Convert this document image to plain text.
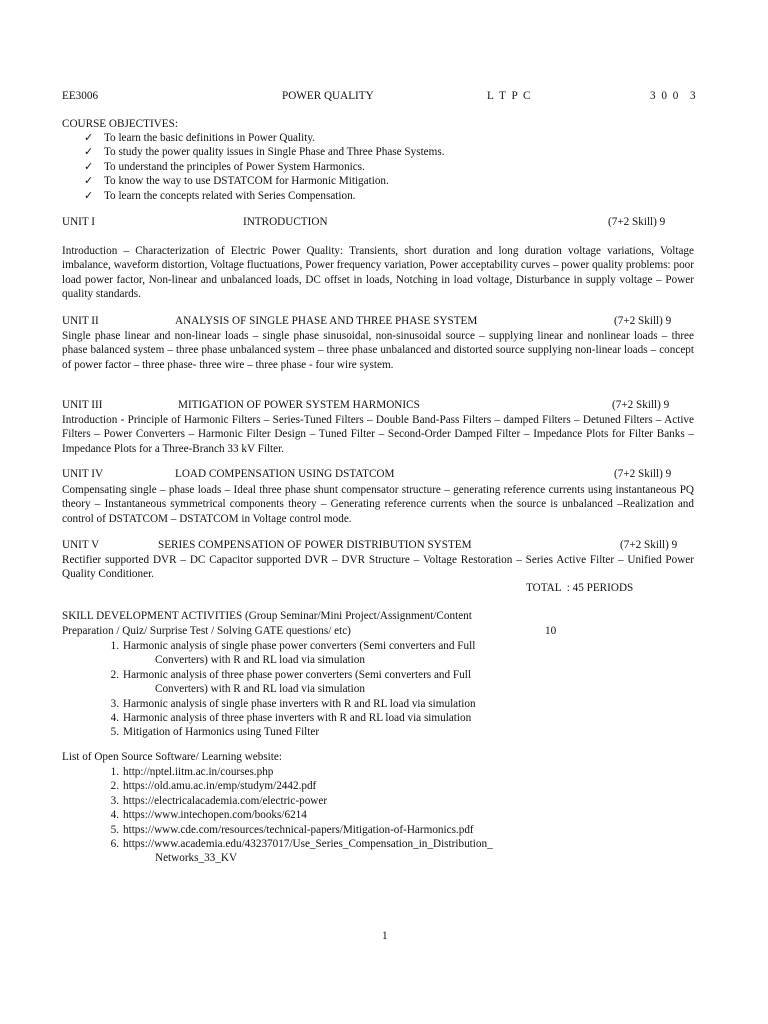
EE3006	POWER QUALITY	L T P C	3 0 0  3
COURSE OBJECTIVES:
✓ To learn the basic definitions in Power Quality.
✓ To study the power quality issues in Single Phase and Three Phase Systems.
✓ To understand the principles of Power System Harmonics.
✓ To know the way to use DSTATCOM for Harmonic Mitigation.
✓ To learn the concepts related with Series Compensation.
UNIT I	INTRODUCTION	(7+2 Skill) 9
Introduction – Characterization of Electric Power Quality: Transients, short duration and long duration voltage variations, Voltage imbalance, waveform distortion, Voltage fluctuations, Power frequency variation, Power acceptability curves – power quality problems: poor load power factor, Non-linear and unbalanced loads, DC offset in loads, Notching in load voltage, Disturbance in supply voltage – Power quality standards.
UNIT II	ANALYSIS OF SINGLE PHASE AND THREE PHASE SYSTEM	(7+2 Skill) 9
Single phase linear and non-linear loads – single phase sinusoidal, non-sinusoidal source – supplying linear and nonlinear loads – three phase balanced system – three phase unbalanced system – three phase unbalanced and distorted source supplying non-linear loads – concept of power factor – three phase- three wire – three phase - four wire system.
UNIT III	MITIGATION OF POWER SYSTEM HARMONICS	(7+2 Skill) 9
Introduction - Principle of Harmonic Filters – Series-Tuned Filters – Double Band-Pass Filters – damped Filters – Detuned Filters – Active Filters – Power Converters – Harmonic Filter Design – Tuned Filter – Second-Order Damped Filter – Impedance Plots for Filter Banks – Impedance Plots for a Three-Branch 33 kV Filter.
UNIT IV	LOAD COMPENSATION USING DSTATCOM	(7+2 Skill) 9
Compensating single – phase loads – Ideal three phase shunt compensator structure – generating reference currents using instantaneous PQ theory – Instantaneous symmetrical components theory – Generating reference currents when the source is unbalanced –Realization and control of DSTATCOM – DSTATCOM in Voltage control mode.
UNIT V	SERIES COMPENSATION OF POWER DISTRIBUTION SYSTEM	(7+2 Skill) 9
Rectifier supported DVR – DC Capacitor supported DVR – DVR Structure – Voltage Restoration – Series Active Filter – Unified Power Quality Conditioner.
TOTAL  : 45 PERIODS
SKILL DEVELOPMENT ACTIVITIES (Group Seminar/Mini Project/Assignment/Content
Preparation / Quiz/ Surprise Test / Solving GATE questions/ etc)	10
1. Harmonic analysis of single phase power converters (Semi converters and Full
Converters) with R and RL load via simulation
2. Harmonic analysis of three phase power converters (Semi converters and Full
Converters) with R and RL load via simulation
3. Harmonic analysis of single phase inverters with R and RL load via simulation
4. Harmonic analysis of three phase inverters with R and RL load via simulation
5. Mitigation of Harmonics using Tuned Filter
List of Open Source Software/ Learning website:
1. http://nptel.iitm.ac.in/courses.php
2. https://old.amu.ac.in/emp/studym/2442.pdf
3. https://electricalacademia.com/electric-power
4. https://www.intechopen.com/books/6214
5. https://www.cde.com/resources/technical-papers/Mitigation-of-Harmonics.pdf
6. https://www.academia.edu/43237017/Use_Series_Compensation_in_Distribution_
Networks_33_KV
1
